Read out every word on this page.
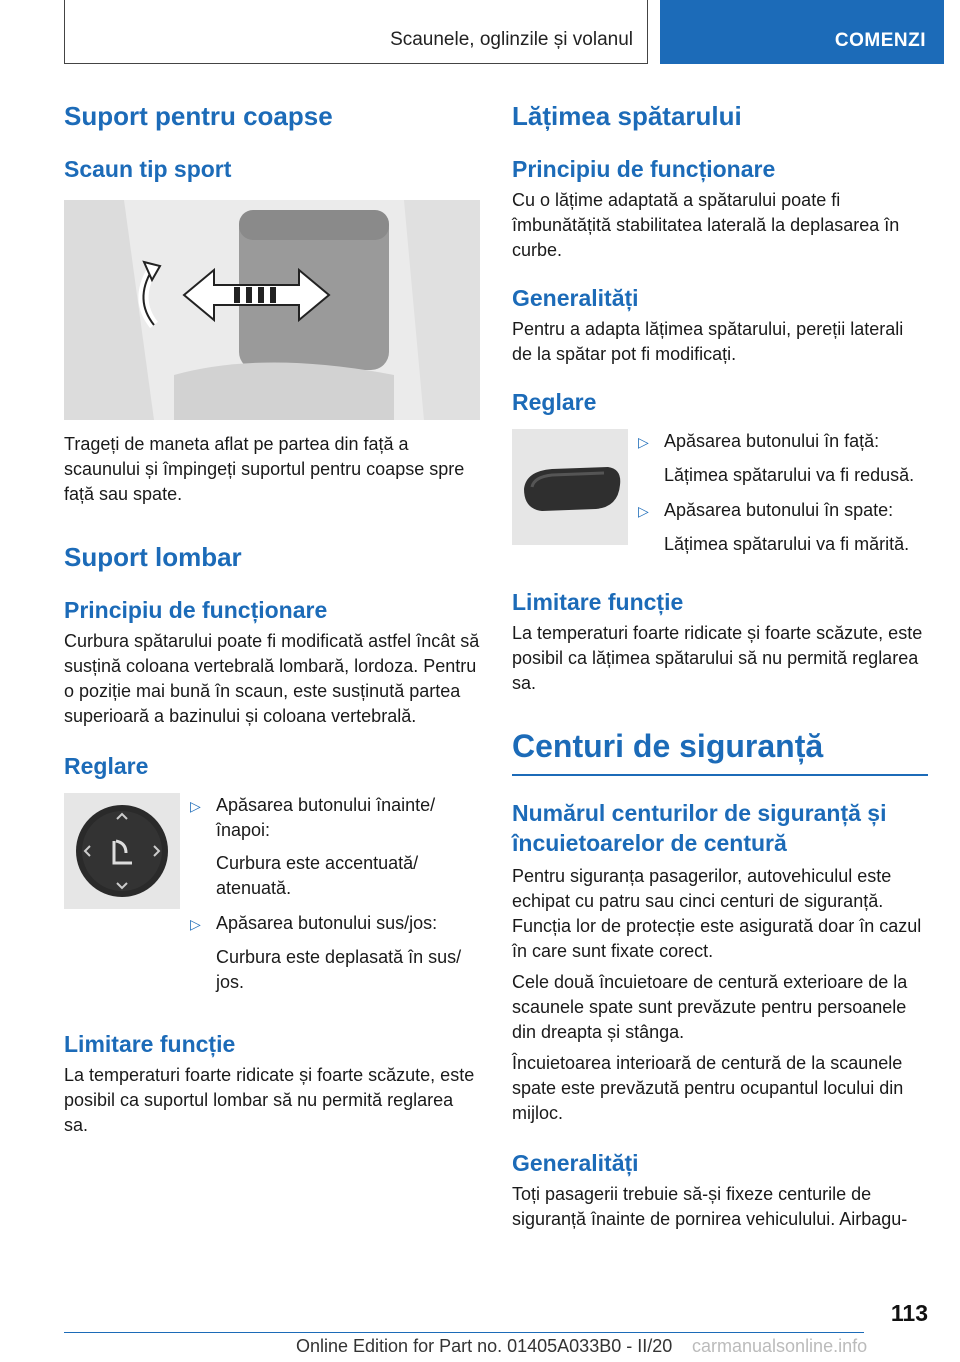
Scaunele, oglinzile și volanul	COMENZI
Suport pentru coapse
Scaun tip sport

Trageți de maneta aflat pe partea din față a scaunului și împingeți suportul pentru coapse spre față sau spate.

Suport lombar
Principiu de funcționare

Curbura spătarului poate fi modificată astfel încât să susțină coloana vertebrală lombară, lordoza. Pentru o poziție mai bună în scaun, este susținută partea superioară a bazinului și coloana vertebrală.

Reglare
▷ Apăsarea butonului înainte/ înapoi:
Curbura este accentuată/ atenuată.
▷ Apăsarea butonului sus/jos:
Curbura este deplasată în sus/ jos.
Limitare funcție

La temperaturi foarte ridicate și foarte scăzute, este posibil ca suportul lombar să nu permită reglarea sa.

Lățimea spătarului
Principiu de funcționare

Cu o lățime adaptată a spătarului poate fi îmbunătățită stabilitatea laterală la deplasarea în curbe.

Generalități

Pentru a adapta lățimea spătarului, pereții laterali de la spătar pot fi modificați.

Reglare
▷ Apăsarea butonului în față:
Lățimea spătarului va fi redusă.
▷ Apăsarea butonului în spate:
Lățimea spătarului va fi mărită.
Limitare funcție

La temperaturi foarte ridicate și foarte scăzute, este posibil ca lățimea spătarului să nu permită reglarea sa.

Centuri de siguranță
Numărul centurilor de siguranță și încuietoarelor de centură

Pentru siguranța pasagerilor, autovehiculul este echipat cu patru sau cinci centuri de siguranță. Funcția lor de protecție este asigurată doar în cazul în care sunt fixate corect.

Cele două încuietoare de centură exterioare de la scaunele spate sunt prevăzute pentru persoanele din dreapta și stânga.

Încuietoarea interioară de centură de la scaunele spate este prevăzută pentru ocupantul locului din mijloc.

Generalități

Toți pasagerii trebuie să-și fixeze centurile de siguranță înainte de pornirea vehiculului. Airbagu-

113
Online Edition for Part no. 01405A033B0 - II/20 carmanualsonline.info
